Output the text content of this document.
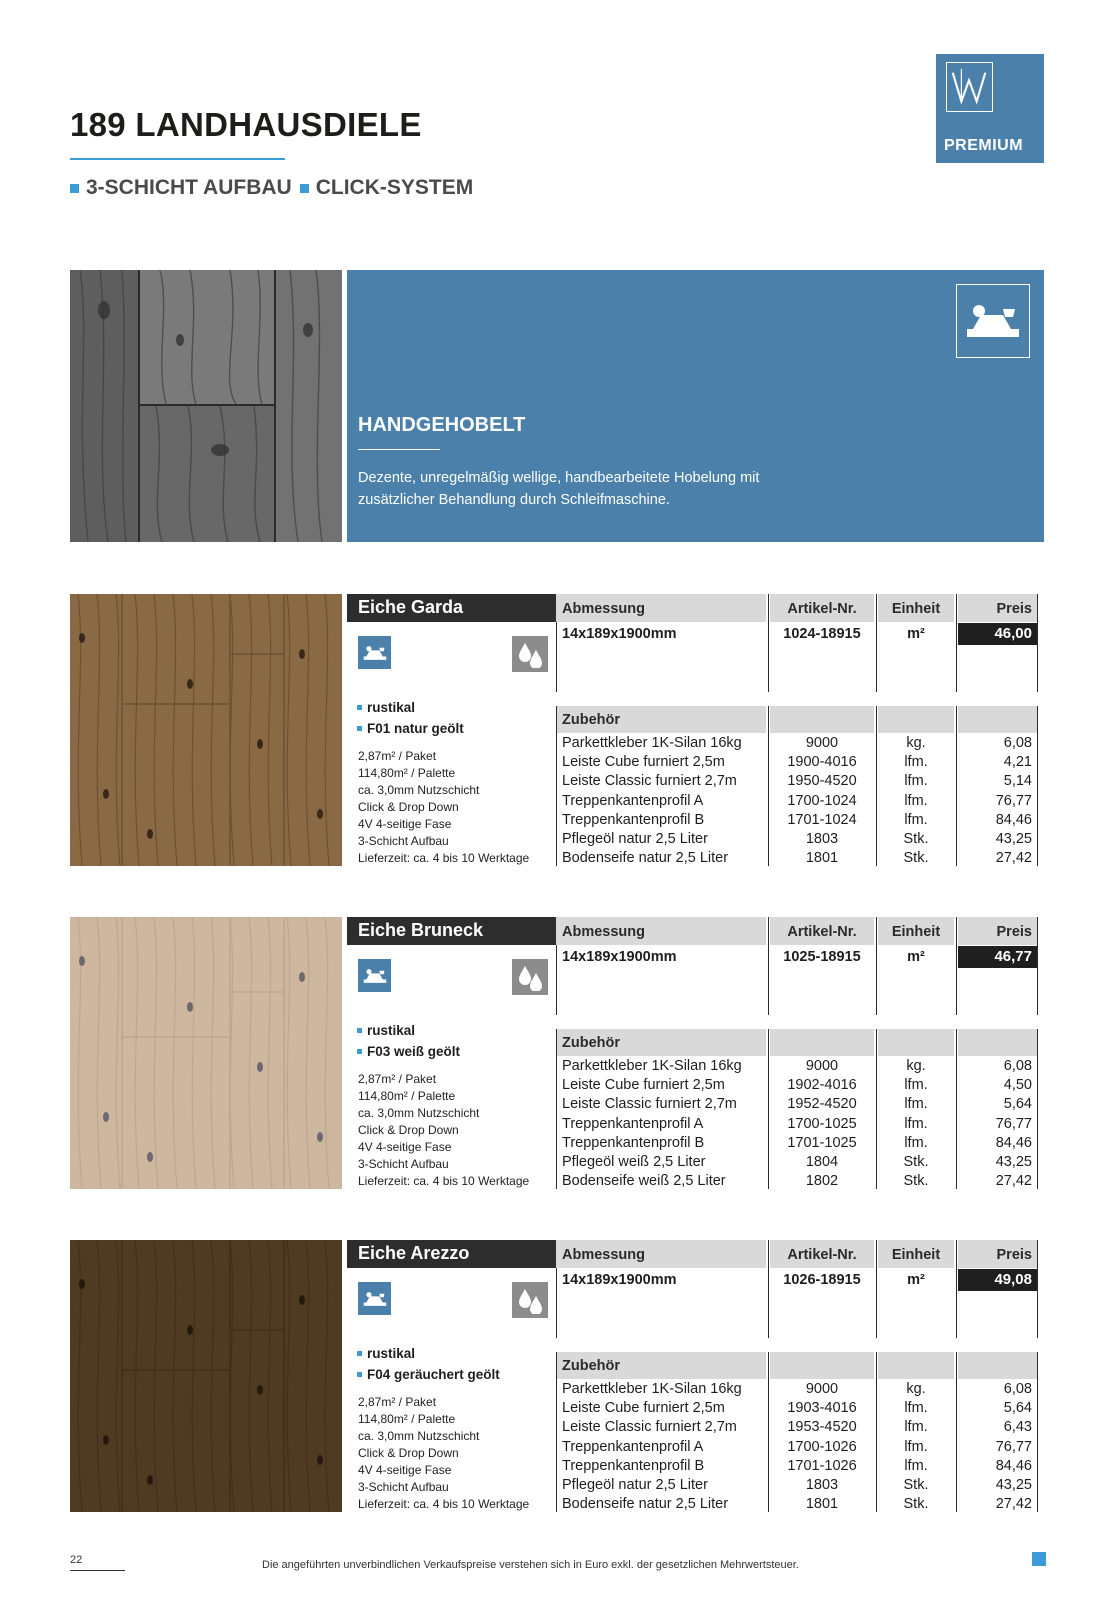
189 LANDHAUSDIELE
3-SCHICHT AUFBAU CLICK-SYSTEM
PREMIUM
HANDGEHOBELT
Dezente, unregelmäßig wellige, handbearbeitete Hobelung mit zusätzlicher Behandlung durch Schleifmaschine.
Eiche Garda
rustikal
F01 natur geölt
2,87m² / Paket
114,80m² / Palette
ca. 3,0mm Nutzschicht
Click & Drop Down
4V 4-seitige Fase
3-Schicht Aufbau
Lieferzeit: ca. 4 bis 10 Werktage
Abmessung	Artikel-Nr.	Einheit	Preis
14x189x1900mm	1024-18915	m²	46,00
Zubehör
Parkettkleber 1K-Silan 16kg	9000	kg.	6,08
Leiste Cube furniert 2,5m	1900-4016	lfm.	4,21
Leiste Classic furniert 2,7m	1950-4520	lfm.	5,14
Treppenkantenprofil A	1700-1024	lfm.	76,77
Treppenkantenprofil B	1701-1024	lfm.	84,46
Pflegeöl natur 2,5 Liter	1803	Stk.	43,25
Bodenseife natur 2,5 Liter	1801	Stk.	27,42
Eiche Bruneck
rustikal
F03 weiß geölt
2,87m² / Paket
114,80m² / Palette
ca. 3,0mm Nutzschicht
Click & Drop Down
4V 4-seitige Fase
3-Schicht Aufbau
Lieferzeit: ca. 4 bis 10 Werktage
Abmessung	Artikel-Nr.	Einheit	Preis
14x189x1900mm	1025-18915	m²	46,77
Zubehör
Parkettkleber 1K-Silan 16kg	9000	kg.	6,08
Leiste Cube furniert 2,5m	1902-4016	lfm.	4,50
Leiste Classic furniert 2,7m	1952-4520	lfm.	5,64
Treppenkantenprofil A	1700-1025	lfm.	76,77
Treppenkantenprofil B	1701-1025	lfm.	84,46
Pflegeöl weiß 2,5 Liter	1804	Stk.	43,25
Bodenseife weiß 2,5 Liter	1802	Stk.	27,42
Eiche Arezzo
rustikal
F04 geräuchert geölt
2,87m² / Paket
114,80m² / Palette
ca. 3,0mm Nutzschicht
Click & Drop Down
4V 4-seitige Fase
3-Schicht Aufbau
Lieferzeit: ca. 4 bis 10 Werktage
Abmessung	Artikel-Nr.	Einheit	Preis
14x189x1900mm	1026-18915	m²	49,08
Zubehör
Parkettkleber 1K-Silan 16kg	9000	kg.	6,08
Leiste Cube furniert 2,5m	1903-4016	lfm.	5,64
Leiste Classic furniert 2,7m	1953-4520	lfm.	6,43
Treppenkantenprofil A	1700-1026	lfm.	76,77
Treppenkantenprofil B	1701-1026	lfm.	84,46
Pflegeöl natur 2,5 Liter	1803	Stk.	43,25
Bodenseife natur 2,5 Liter	1801	Stk.	27,42
22	Die angeführten unverbindlichen Verkaufspreise verstehen sich in Euro exkl. der gesetzlichen Mehrwertsteuer.
